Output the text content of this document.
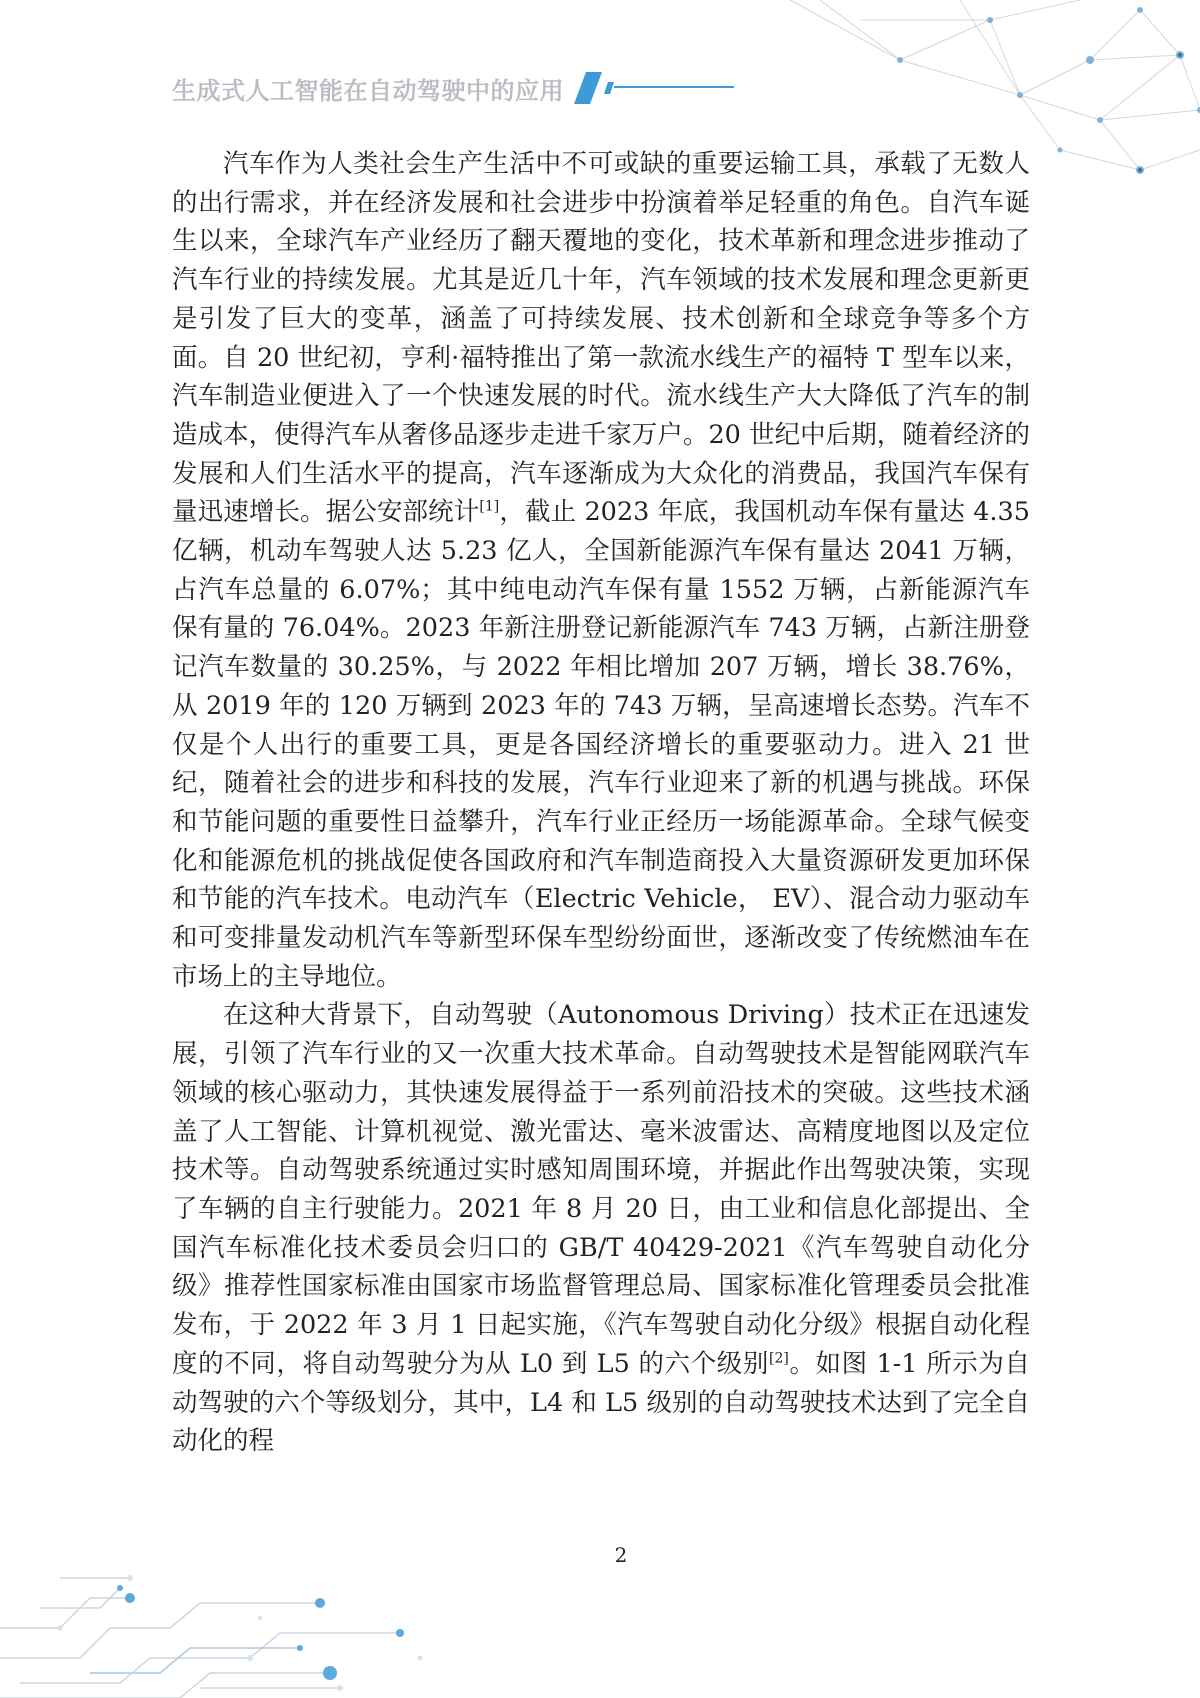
生成式人工智能在自动驾驶中的应用

汽车作为人类社会生产生活中不可或缺的重要运输工具，承载了无数人的出行需求，并在经济发展和社会进步中扮演着举足轻重的角色。自汽车诞生以来，全球汽车产业经历了翻天覆地的变化，技术革新和理念进步推动了汽车行业的持续发展。尤其是近几十年，汽车领域的技术发展和理念更新更是引发了巨大的变革，涵盖了可持续发展、技术创新和全球竞争等多个方面。自 20 世纪初，亨利·福特推出了第一款流水线生产的福特 T 型车以来，汽车制造业便进入了一个快速发展的时代。流水线生产大大降低了汽车的制造成本，使得汽车从奢侈品逐步走进千家万户。20 世纪中后期，随着经济的发展和人们生活水平的提高，汽车逐渐成为大众化的消费品，我国汽车保有量迅速增长。据公安部统计[1]，截止 2023 年底，我国机动车保有量达 4.35 亿辆，机动车驾驶人达 5.23 亿人，全国新能源汽车保有量达 2041 万辆，占汽车总量的 6.07%；其中纯电动汽车保有量 1552 万辆，占新能源汽车保有量的 76.04%。2023 年新注册登记新能源汽车 743 万辆，占新注册登记汽车数量的 30.25%，与 2022 年相比增加 207 万辆，增长 38.76%，从 2019 年的 120 万辆到 2023 年的 743 万辆，呈高速增长态势。汽车不仅是个人出行的重要工具，更是各国经济增长的重要驱动力。进入 21 世纪，随着社会的进步和科技的发展，汽车行业迎来了新的机遇与挑战。环保和节能问题的重要性日益攀升，汽车行业正经历一场能源革命。全球气候变化和能源危机的挑战促使各国政府和汽车制造商投入大量资源研发更加环保和节能的汽车技术。电动汽车（Electric Vehicle， EV）、混合动力驱动车和可变排量发动机汽车等新型环保车型纷纷面世，逐渐改变了传统燃油车在市场上的主导地位。

在这种大背景下，自动驾驶（Autonomous Driving）技术正在迅速发展，引领了汽车行业的又一次重大技术革命。自动驾驶技术是智能网联汽车领域的核心驱动力，其快速发展得益于一系列前沿技术的突破。这些技术涵盖了人工智能、计算机视觉、激光雷达、毫米波雷达、高精度地图以及定位技术等。自动驾驶系统通过实时感知周围环境，并据此作出驾驶决策，实现了车辆的自主行驶能力。2021 年 8 月 20 日，由工业和信息化部提出、全国汽车标准化技术委员会归口的 GB/T 40429-2021《汽车驾驶自动化分级》推荐性国家标准由国家市场监督管理总局、国家标准化管理委员会批准发布，于 2022 年 3 月 1 日起实施，《汽车驾驶自动化分级》根据自动化程度的不同，将自动驾驶分为从 L0 到 L5 的六个级别[2]。如图 1-1 所示为自动驾驶的六个等级划分，其中，L4 和 L5 级别的自动驾驶技术达到了完全自动化的程

2
